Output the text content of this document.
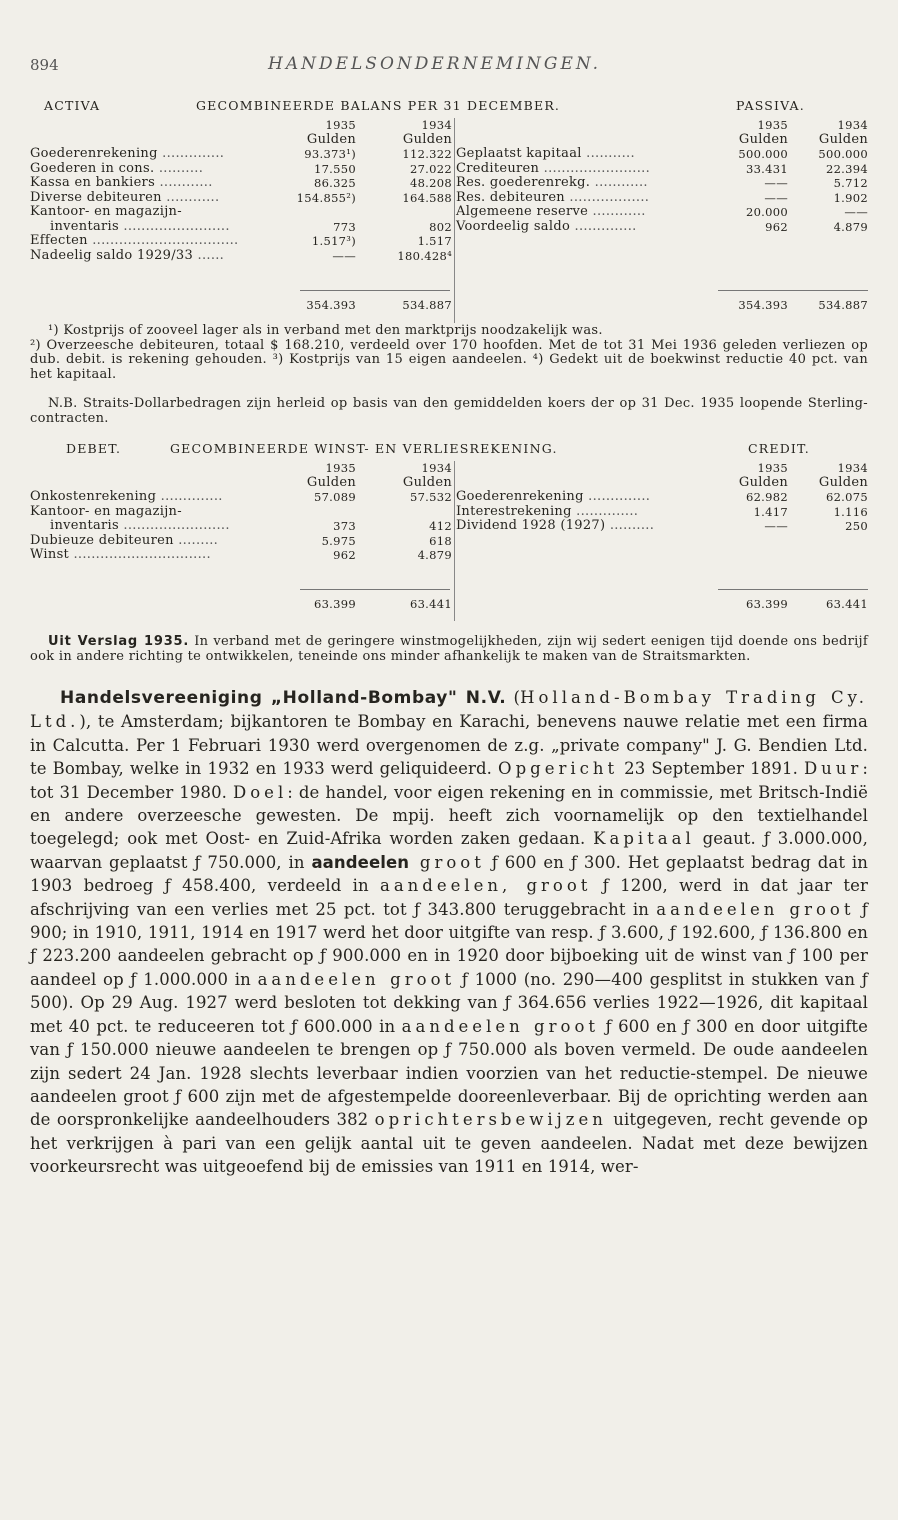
894	HANDELSONDERNEMINGEN.
ACTIVA	GECOMBINEERDE BALANS PER 31 DECEMBER.	PASSIVA.
1935	1934
Gulden	Gulden
Goederenrekening ..............	93.373¹)	112.322
Goederen in cons. ..........	17.550	27.022
Kassa en bankiers ............	86.325	48.208
Diverse debiteuren ............	154.855²)	164.588
Kantoor- en magazijn-
inventaris ........................	773	802
Effecten .................................	1.517³)	1.517
Nadeelig saldo 1929/33 ......	——	180.428⁴
354.393	534.887
1935	1934
Gulden Gulden
Geplaatst kapitaal ...........	500.000	500.000
Crediteuren ........................	33.431	22.394
Res. goederenrekg. ............	——	5.712
Res. debiteuren ..................	——	1.902
Algemeene reserve ............	20.000	——
Voordeelig saldo ..............	962	4.879
354.393	534.887
¹) Kostprijs of zooveel lager als in verband met den marktprijs noodzakelijk was.
²) Overzeesche debiteuren, totaal $ 168.210, verdeeld over 170 hoofden. Met de tot 31 Mei 1936 geleden verliezen op dub. debit. is rekening gehouden. ³) Kostprijs van 15 eigen aandeelen. ⁴) Gedekt uit de boekwinst reductie 40 pct. van het kapitaal.
N.B. Straits-Dollarbedragen zijn herleid op basis van den gemiddelden koers der op 31 Dec. 1935 loopende Sterling-contracten.
DEBET.	GECOMBINEERDE WINST- EN VERLIESREKENING.	CREDIT.
1935	1934
Gulden	Gulden
Onkostenrekening ..............	57.089	57.532
Kantoor- en magazijn-
inventaris ........................	373	412
Dubieuze debiteuren .........	5.975	618
Winst ...............................	962	4.879
63.399	63.441
1935	1934
Gulden Gulden
Goederenrekening ..............	62.982	62.075
Interestrekening ..............	1.417	1.116
Dividend 1928 (1927) ..........	——	250
63.399	63.441
Uit Verslag 1935. In verband met de geringere winstmogelijkheden, zijn wij sedert eenigen tijd doende ons bedrijf ook in andere richting te ontwikkelen, teneinde ons minder afhankelijk te maken van de Straitsmarkten.
Handelsvereeniging „Holland-Bombay" N.V. (Holland-Bombay Trading Cy. Ltd.), te Amsterdam; bijkantoren te Bombay en Karachi, benevens nauwe relatie met een firma in Calcutta. Per 1 Februari 1930 werd overgenomen de z.g. „private company" J. G. Bendien Ltd. te Bombay, welke in 1932 en 1933 werd geliquideerd. Opgericht 23 September 1891. Duur: tot 31 December 1980. Doel: de handel, voor eigen rekening en in commissie, met Britsch-Indië en andere overzeesche gewesten. De mpij. heeft zich voornamelijk op den textielhandel toegelegd; ook met Oost- en Zuid-Afrika worden zaken gedaan. Kapitaal geaut. ƒ 3.000.000, waarvan geplaatst ƒ 750.000, in aandeelen groot ƒ 600 en ƒ 300. Het geplaatst bedrag dat in 1903 bedroeg ƒ 458.400, verdeeld in aandeelen, groot ƒ 1200, werd in dat jaar ter afschrijving van een verlies met 25 pct. tot ƒ 343.800 teruggebracht in aandeelen groot ƒ 900; in 1910, 1911, 1914 en 1917 werd het door uitgifte van resp. ƒ 3.600, ƒ 192.600, ƒ 136.800 en ƒ 223.200 aandeelen gebracht op ƒ 900.000 en in 1920 door bijboeking uit de winst van ƒ 100 per aandeel op ƒ 1.000.000 in aandeelen groot ƒ 1000 (no. 290—400 gesplitst in stukken van ƒ 500). Op 29 Aug. 1927 werd besloten tot dekking van ƒ 364.656 verlies 1922—1926, dit kapitaal met 40 pct. te reduceeren tot ƒ 600.000 in aandeelen groot ƒ 600 en ƒ 300 en door uitgifte van ƒ 150.000 nieuwe aandeelen te brengen op ƒ 750.000 als boven vermeld. De oude aandeelen zijn sedert 24 Jan. 1928 slechts leverbaar indien voorzien van het reductie-stempel. De nieuwe aandeelen groot ƒ 600 zijn met de afgestempelde dooreenleverbaar. Bij de oprichting werden aan de oorspronkelijke aandeelhouders 382 oprichtersbewijzen uitgegeven, recht gevende op het verkrijgen à pari van een gelijk aantal uit te geven aandeelen. Nadat met deze bewijzen voorkeursrecht was uitgeoefend bij de emissies van 1911 en 1914, wer-
